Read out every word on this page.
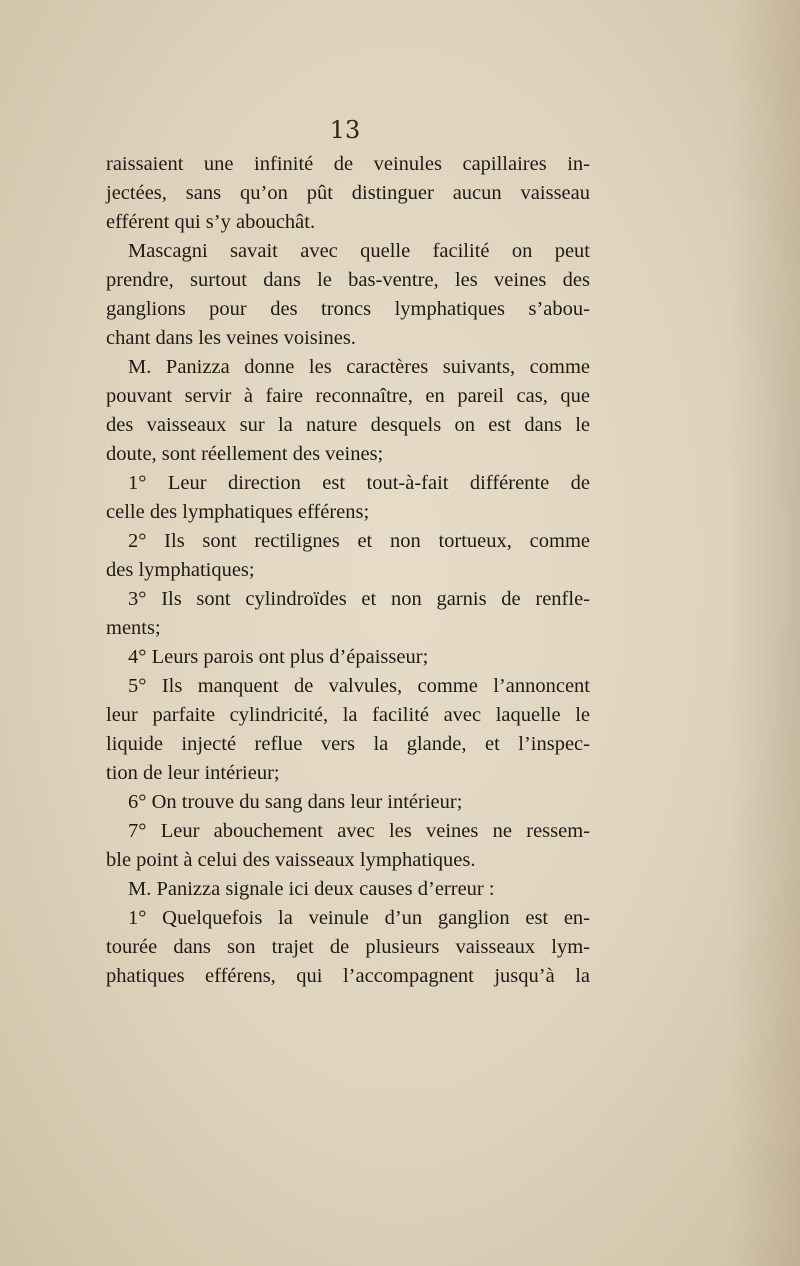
13

raissaient une infinité de veinules capillaires in-
jectées, sans qu’on pût distinguer aucun vaisseau
efférent qui s’y abouchât.

Mascagni savait avec quelle facilité on peut
prendre, surtout dans le bas-ventre, les veines des
ganglions pour des troncs lymphatiques s’abou-
chant dans les veines voisines.

M. Panizza donne les caractères suivants, comme
pouvant servir à faire reconnaître, en pareil cas, que
des vaisseaux sur la nature desquels on est dans le
doute, sont réellement des veines;

1° Leur direction est tout-à-fait différente de
celle des lymphatiques efférens;

2° Ils sont rectilignes et non tortueux, comme
des lymphatiques;

3° Ils sont cylindroïdes et non garnis de renfle-
ments;

4° Leurs parois ont plus d’épaisseur;

5° Ils manquent de valvules, comme l’annoncent
leur parfaite cylindricité, la facilité avec laquelle le
liquide injecté reflue vers la glande, et l’inspec-
tion de leur intérieur;

6° On trouve du sang dans leur intérieur;

7° Leur abouchement avec les veines ne ressem-
ble point à celui des vaisseaux lymphatiques.

M. Panizza signale ici deux causes d’erreur :

1° Quelquefois la veinule d’un ganglion est en-
tourée dans son trajet de plusieurs vaisseaux lym-
phatiques efférens, qui l’accompagnent jusqu’à la
